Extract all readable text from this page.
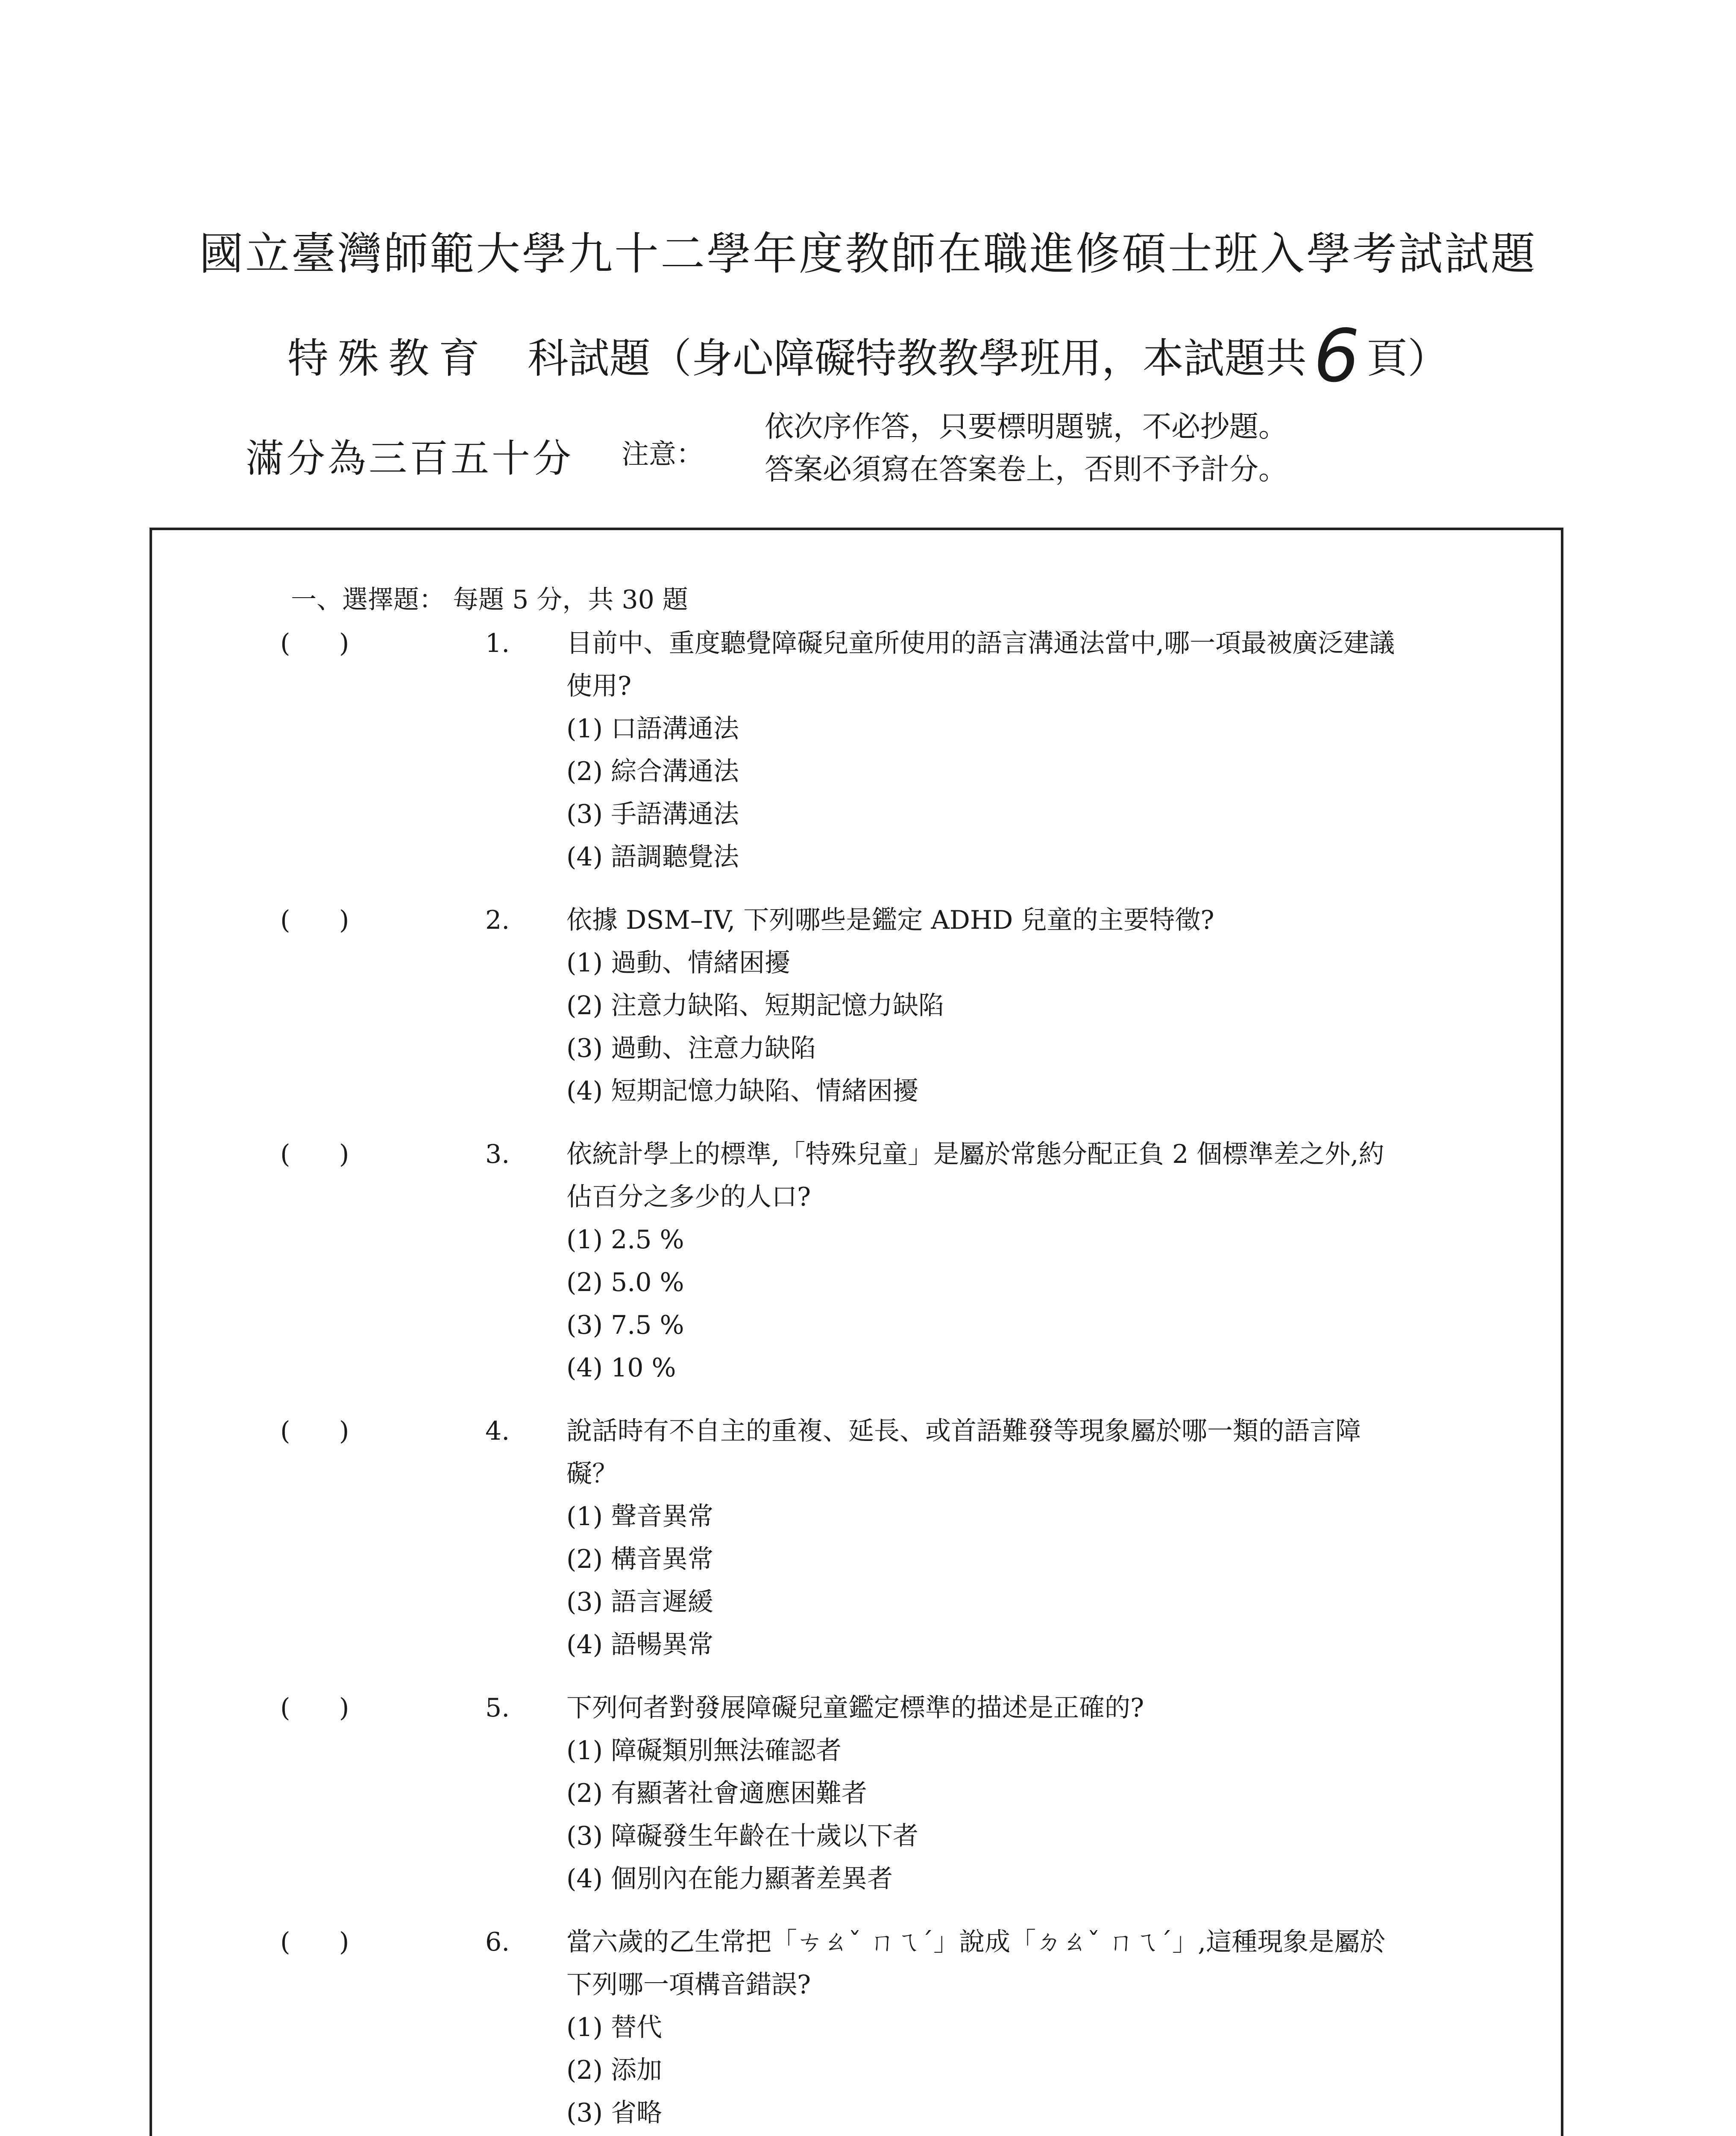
國立臺灣師範大學九十二學年度教師在職進修碩士班入學考試試題
特殊教育 科試題（身心障礙特教教學班用，本試題共6 頁）
滿分為三百五十分 注意：
依次序作答，只要標明題號，不必抄題。
答案必須寫在答案卷上，否則不予計分。
一、選擇題： 每題 5 分，共 30 題
(      )	1. 目前中、重度聽覺障礙兒童所使用的語言溝通法當中,哪一項最被廣泛建議使用?
(1) 口語溝通法
(2) 綜合溝通法
(3) 手語溝通法
(4) 語調聽覺法
(      )	2. 依據 DSM–IV, 下列哪些是鑑定 ADHD 兒童的主要特徵?
(1) 過動、情緒困擾
(2) 注意力缺陷、短期記憶力缺陷
(3) 過動、注意力缺陷
(4) 短期記憶力缺陷、情緒困擾
(      )	3. 依統計學上的標準,「特殊兒童」是屬於常態分配正負 2 個標準差之外,約佔百分之多少的人口?
(1) 2.5 %
(2) 5.0 %
(3) 7.5 %
(4) 10 %
(      )	4. 說話時有不自主的重複、延長、或首語難發等現象屬於哪一類的語言障礙？
(1) 聲音異常
(2) 構音異常
(3) 語言遲緩
(4) 語暢異常
(      )	5. 下列何者對發展障礙兒童鑑定標準的描述是正確的?
(1) 障礙類別無法確認者
(2) 有顯著社會適應困難者
(3) 障礙發生年齡在十歲以下者
(4) 個別內在能力顯著差異者
(      )	6. 當六歲的乙生常把「ㄘㄠˇ ㄇㄟˊ」說成「ㄉㄠˇ ㄇㄟˊ」,這種現象是屬於下列哪一項構音錯誤?
(1) 替代
(2) 添加
(3) 省略
